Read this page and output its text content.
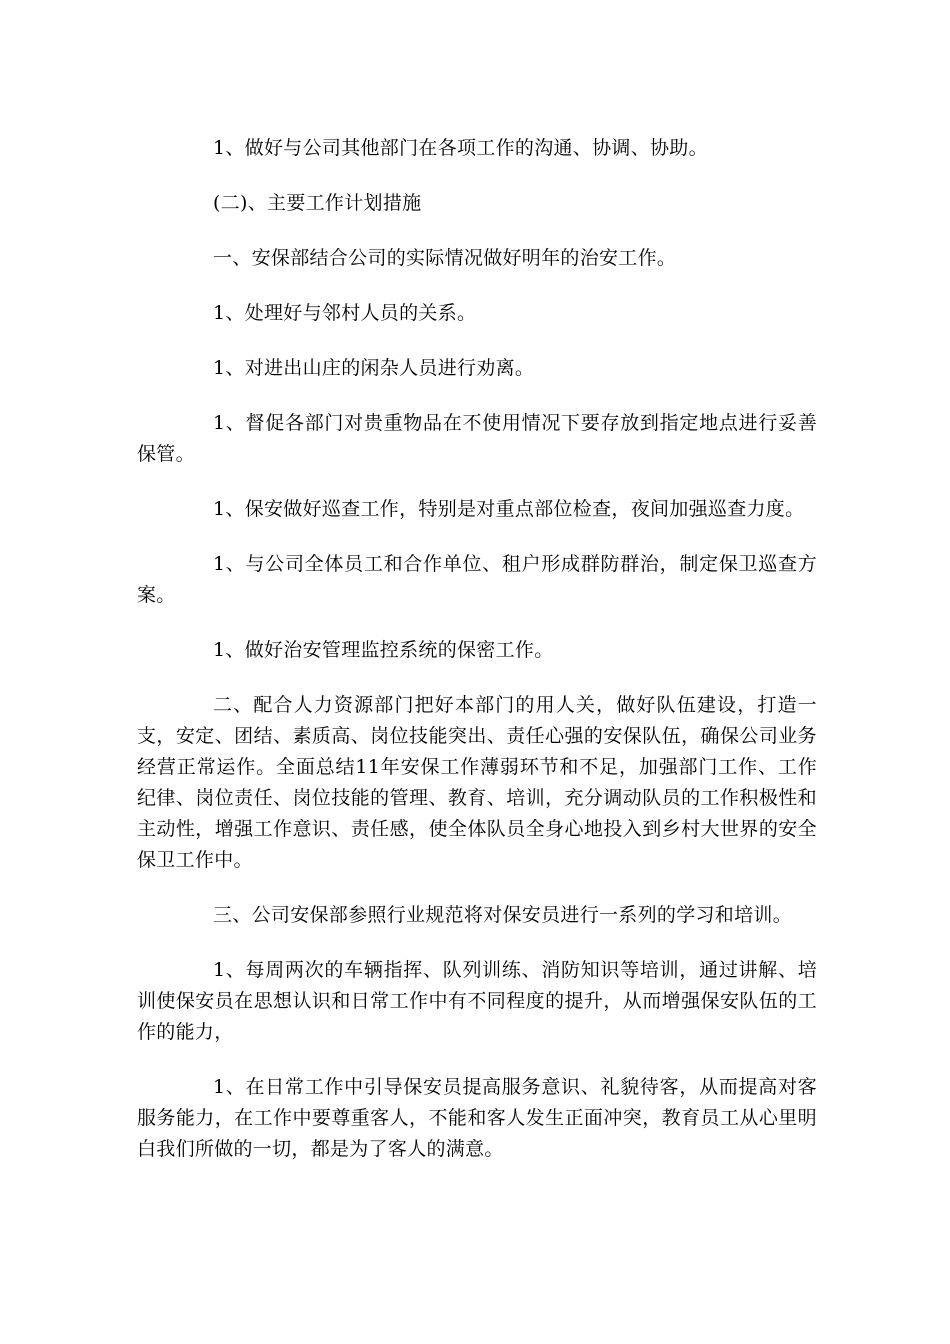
1、做好与公司其他部门在各项工作的沟通、协调、协助。

(二)、主要工作计划措施

一、安保部结合公司的实际情况做好明年的治安工作。

1、处理好与邻村人员的关系。

1、对进出山庄的闲杂人员进行劝离。

1、督促各部门对贵重物品在不使用情况下要存放到指定地点进行妥善保管。

1、保安做好巡查工作，特别是对重点部位检查，夜间加强巡查力度。

1、与公司全体员工和合作单位、租户形成群防群治，制定保卫巡查方案。

1、做好治安管理监控系统的保密工作。

二、配合人力资源部门把好本部门的用人关，做好队伍建设，打造一支，安定、团结、素质高、岗位技能突出、责任心强的安保队伍，确保公司业务经营正常运作。全面总结11年安保工作薄弱环节和不足，加强部门工作、工作纪律、岗位责任、岗位技能的管理、教育、培训，充分调动队员的工作积极性和主动性，增强工作意识、责任感，使全体队员全身心地投入到乡村大世界的安全保卫工作中。

三、公司安保部参照行业规范将对保安员进行一系列的学习和培训。

1、每周两次的车辆指挥、队列训练、消防知识等培训，通过讲解、培训使保安员在思想认识和日常工作中有不同程度的提升，从而增强保安队伍的工作的能力，

1、在日常工作中引导保安员提高服务意识、礼貌待客，从而提高对客服务能力，在工作中要尊重客人，不能和客人发生正面冲突，教育员工从心里明白我们所做的一切，都是为了客人的满意。
